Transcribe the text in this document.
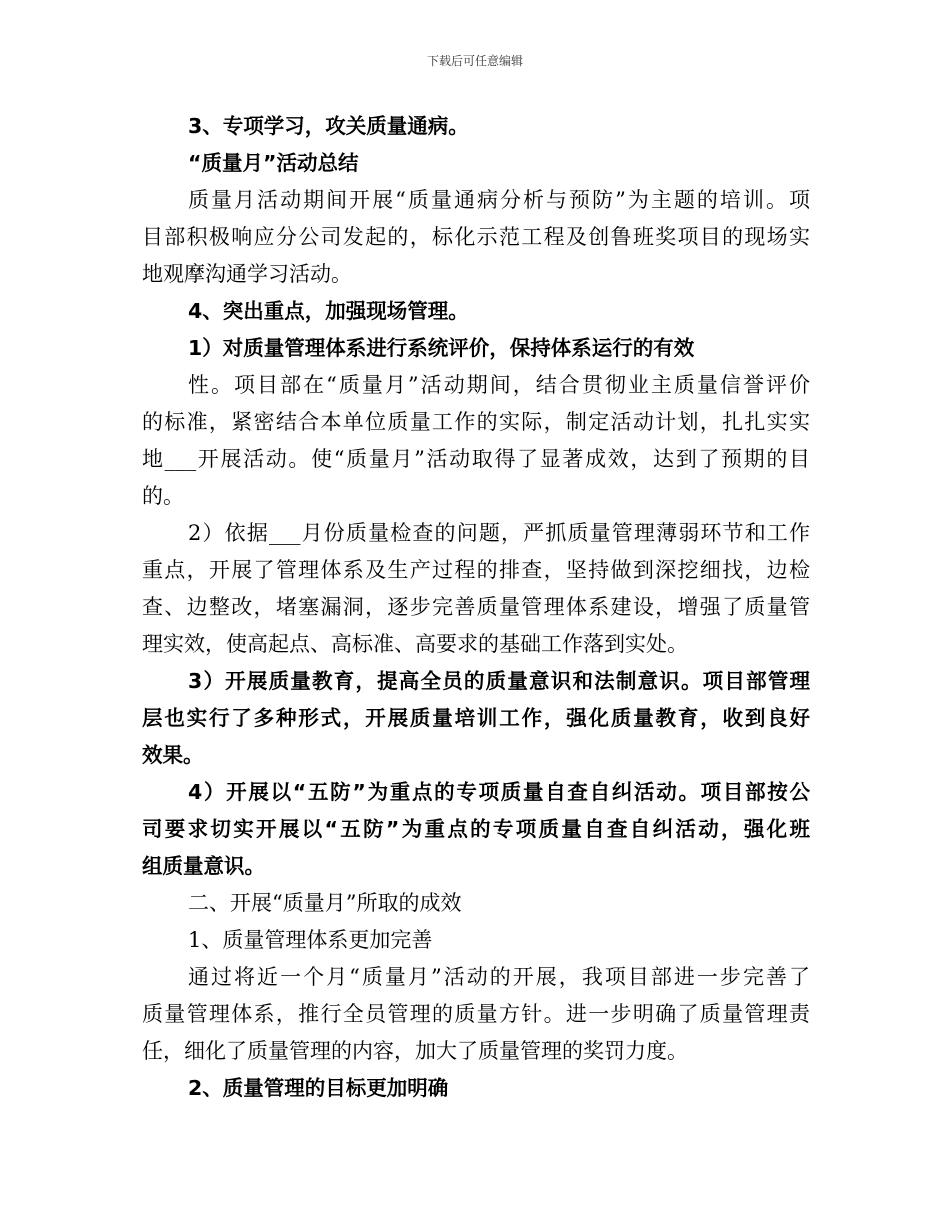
下载后可任意编辑
3、专项学习，攻关质量通病。
“质量月”活动总结
质量月活动期间开展“质量通病分析与预防”为主题的培训。项
目部积极响应分公司发起的，标化示范工程及创鲁班奖项目的现场实
地观摩沟通学习活动。
4、突出重点，加强现场管理。
1）对质量管理体系进行系统评价，保持体系运行的有效
性。项目部在“质量月”活动期间，结合贯彻业主质量信誉评价
的标准，紧密结合本单位质量工作的实际，制定活动计划，扎扎实实
地___开展活动。使“质量月”活动取得了显著成效，达到了预期的目
的。
2）依据___月份质量检查的问题，严抓质量管理薄弱环节和工作
重点，开展了管理体系及生产过程的排查，坚持做到深挖细找，边检
查、边整改，堵塞漏洞，逐步完善质量管理体系建设，增强了质量管
理实效，使高起点、高标准、高要求的基础工作落到实处。
3）开展质量教育，提高全员的质量意识和法制意识。项目部管理
层也实行了多种形式，开展质量培训工作，强化质量教育，收到良好
效果。
4）开展以“五防”为重点的专项质量自查自纠活动。项目部按公
司要求切实开展以“五防”为重点的专项质量自查自纠活动，强化班
组质量意识。
二、开展“质量月”所取的成效
1、质量管理体系更加完善
通过将近一个月“质量月”活动的开展，我项目部进一步完善了
质量管理体系，推行全员管理的质量方针。进一步明确了质量管理责
任，细化了质量管理的内容，加大了质量管理的奖罚力度。
2、质量管理的目标更加明确
